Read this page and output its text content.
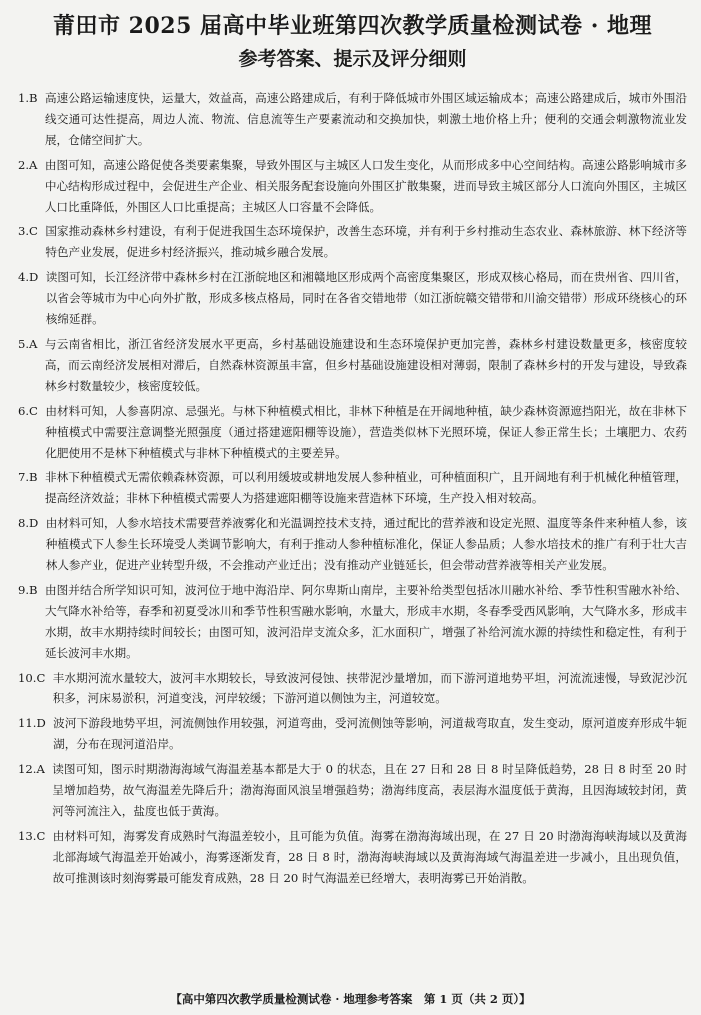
莆田市 2025 届高中毕业班第四次教学质量检测试卷 · 地理
参考答案、提示及评分细则
1.B 高速公路运输速度快，运量大，效益高，高速公路建成后，有利于降低城市外围区域运输成本；高速公路建成后，城市外围沿线交通可达性提高，周边人流、物流、信息流等生产要素流动和交换加快，刺激土地价格上升；便利的交通会刺激物流业发展，仓储空间扩大。
2.A 由图可知，高速公路促使各类要素集聚，导致外围区与主城区人口发生变化，从而形成多中心空间结构。高速公路影响城市多中心结构形成过程中，会促进生产企业、相关服务配套设施向外围区扩散集聚，进而导致主城区部分人口流向外围区，主城区人口比重降低，外围区人口比重提高；主城区人口容量不会降低。
3.C 国家推动森林乡村建设，有利于促进我国生态环境保护，改善生态环境，并有利于乡村推动生态农业、森林旅游、林下经济等特色产业发展，促进乡村经济振兴，推动城乡融合发展。
4.D 读图可知，长江经济带中森林乡村在江浙皖地区和湘赣地区形成两个高密度集聚区，形成双核心格局，而在贵州省、四川省，以省会等城市为中心向外扩散，形成多核点格局，同时在各省交错地带（如江浙皖赣交错带和川渝交错带）形成环绕核心的环核绵延群。
5.A 与云南省相比，浙江省经济发展水平更高，乡村基础设施建设和生态环境保护更加完善，森林乡村建设数量更多，核密度较高，而云南经济发展相对滞后，自然森林资源虽丰富，但乡村基础设施建设相对薄弱，限制了森林乡村的开发与建设，导致森林乡村数量较少，核密度较低。
6.C 由材料可知，人参喜阴凉、忌强光。与林下种植模式相比，非林下种植是在开阔地种植，缺少森林资源遮挡阳光，故在非林下种植模式中需要注意调整光照强度（通过搭建遮阳棚等设施），营造类似林下光照环境，保证人参正常生长；土壤肥力、农药化肥使用不是林下种植模式与非林下种植模式的主要差异。
7.B 非林下种植模式无需依赖森林资源，可以利用缓坡或耕地发展人参种植业，可种植面积广，且开阔地有利于机械化种植管理，提高经济效益；非林下种植模式需要人为搭建遮阳棚等设施来营造林下环境，生产投入相对较高。
8.D 由材料可知，人参水培技术需要营养液雾化和光温调控技术支持，通过配比的营养液和设定光照、温度等条件来种植人参，该种植模式下人参生长环境受人类调节影响大，有利于推动人参种植标准化，保证人参品质；人参水培技术的推广有利于壮大吉林人参产业，促进产业转型升级，不会推动产业迁出；没有推动产业链延长，但会带动营养液等相关产业发展。
9.B 由图并结合所学知识可知，波河位于地中海沿岸、阿尔卑斯山南岸，主要补给类型包括冰川融水补给、季节性积雪融水补给、大气降水补给等，春季和初夏受冰川和季节性积雪融水影响，水量大，形成丰水期，冬春季受西风影响，大气降水多，形成丰水期，故丰水期持续时间较长；由图可知，波河沿岸支流众多，汇水面积广，增强了补给河流水源的持续性和稳定性，有利于延长波河丰水期。
10.C 丰水期河流水量较大，波河丰水期较长，导致波河侵蚀、挟带泥沙量增加，而下游河道地势平坦，河流流速慢，导致泥沙沉积多，河床易淤积，河道变浅，河岸较缓；下游河道以侧蚀为主，河道较宽。
11.D 波河下游段地势平坦，河流侧蚀作用较强，河道弯曲，受河流侧蚀等影响，河道裁弯取直，发生变动，原河道废弃形成牛轭湖，分布在现河道沿岸。
12.A 读图可知，图示时期渤海海域气海温差基本都是大于 0 的状态，且在 27 日和 28 日 8 时呈降低趋势，28 日 8 时至 20 时呈增加趋势，故气海温差先降后升；渤海海面风浪呈增强趋势；渤海纬度高，表层海水温度低于黄海，且因海域较封闭，黄河等河流注入，盐度也低于黄海。
13.C 由材料可知，海雾发育成熟时气海温差较小，且可能为负值。海雾在渤海海域出现，在 27 日 20 时渤海海峡海域以及黄海北部海域气海温差开始减小，海雾逐渐发育，28 日 8 时，渤海海峡海域以及黄海海域气海温差进一步减小，且出现负值，故可推测该时刻海雾最可能发育成熟，28 日 20 时气海温差已经增大，表明海雾已开始消散。
【高中第四次教学质量检测试卷 · 地理参考答案　第 1 页（共 2 页）】
